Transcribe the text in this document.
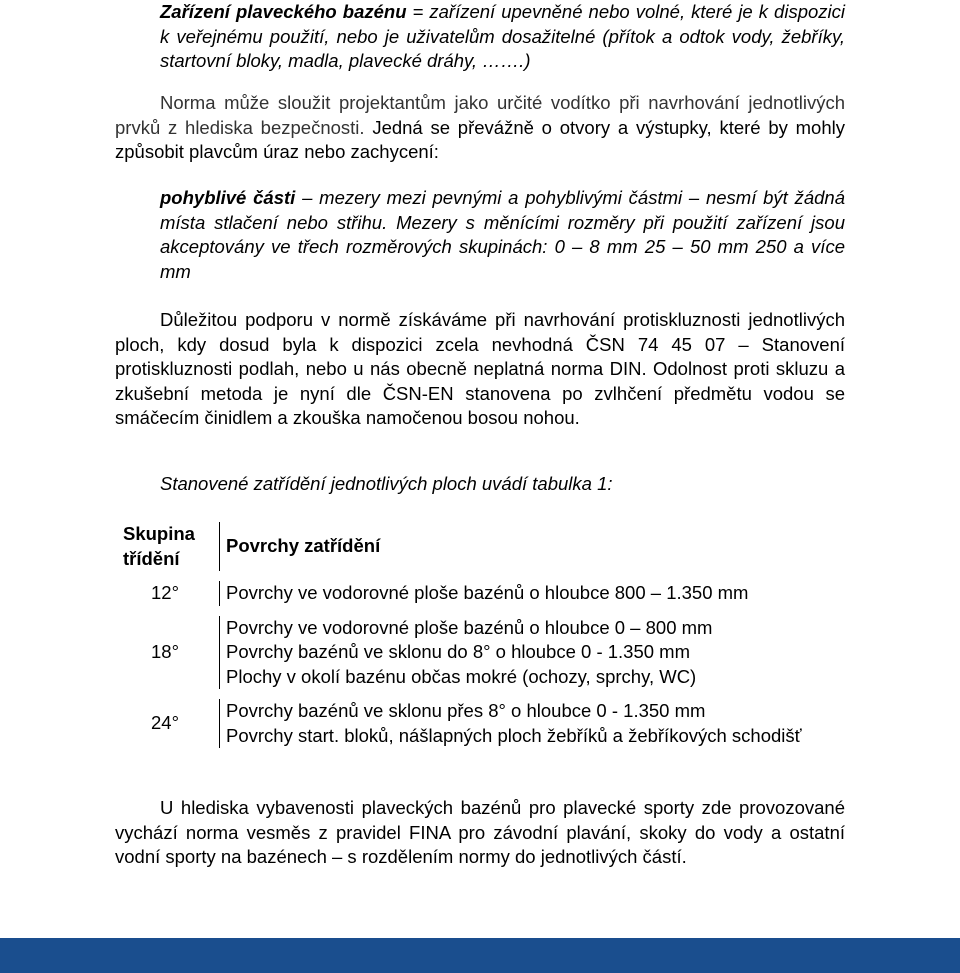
Zařízení plaveckého bazénu = zařízení upevněné nebo volné, které je k dispozici k veřejnému použití, nebo je uživatelům dosažitelné (přítok a odtok vody, žebříky, startovní bloky, madla, plavecké dráhy, …….)

Norma může sloužit projektantům jako určité vodítko při navrhování jednotlivých prvků z hlediska bezpečnosti. Jedná se převážně o otvory a výstupky, které by mohly způsobit plavcům úraz nebo zachycení:

pohyblivé části – mezery mezi pevnými a pohyblivými částmi – nesmí být žádná místa stlačení nebo střihu. Mezery s měnícími rozměry při použití zařízení jsou akceptovány ve třech rozměrových skupinách: 0 – 8 mm 25 – 50 mm 250 a více mm

Důležitou podporu v normě získáváme při navrhování protiskluznosti jednotlivých ploch, kdy dosud byla k dispozici zcela nevhodná ČSN 74 45 07 – Stanovení protiskluznosti podlah, nebo u nás obecně neplatná norma DIN. Odolnost proti skluzu a zkušební metoda je nyní dle ČSN-EN stanovena po zvlhčení předmětu vodou se smáčecím činidlem a zkouška namočenou bosou nohou.

Stanovené zatřídění jednotlivých ploch uvádí tabulka 1:

U hlediska vybavenosti plaveckých bazénů pro plavecké sporty zde provozované vychází norma vesměs z pravidel FINA pro závodní plavání, skoky do vody a ostatní vodní sporty na bazénech – s rozdělením normy do jednotlivých částí.

Skupina třídění	Povrchy zatřídění
12°	Povrchy ve vodorovné ploše bazénů o hloubce 800 – 1.350 mm

18°	Povrchy ve vodorovné ploše bazénů o hloubce 0 – 800 mm
Povrchy bazénů ve sklonu do 8° o hloubce 0 - 1.350 mm
Plochy v okolí bazénu občas mokré (ochozy, sprchy, WC)

24°	Povrchy bazénů ve sklonu přes 8° o hloubce 0 - 1.350 mm
Povrchy start. bloků, nášlapných ploch žebříků a žebříkových schodišť
